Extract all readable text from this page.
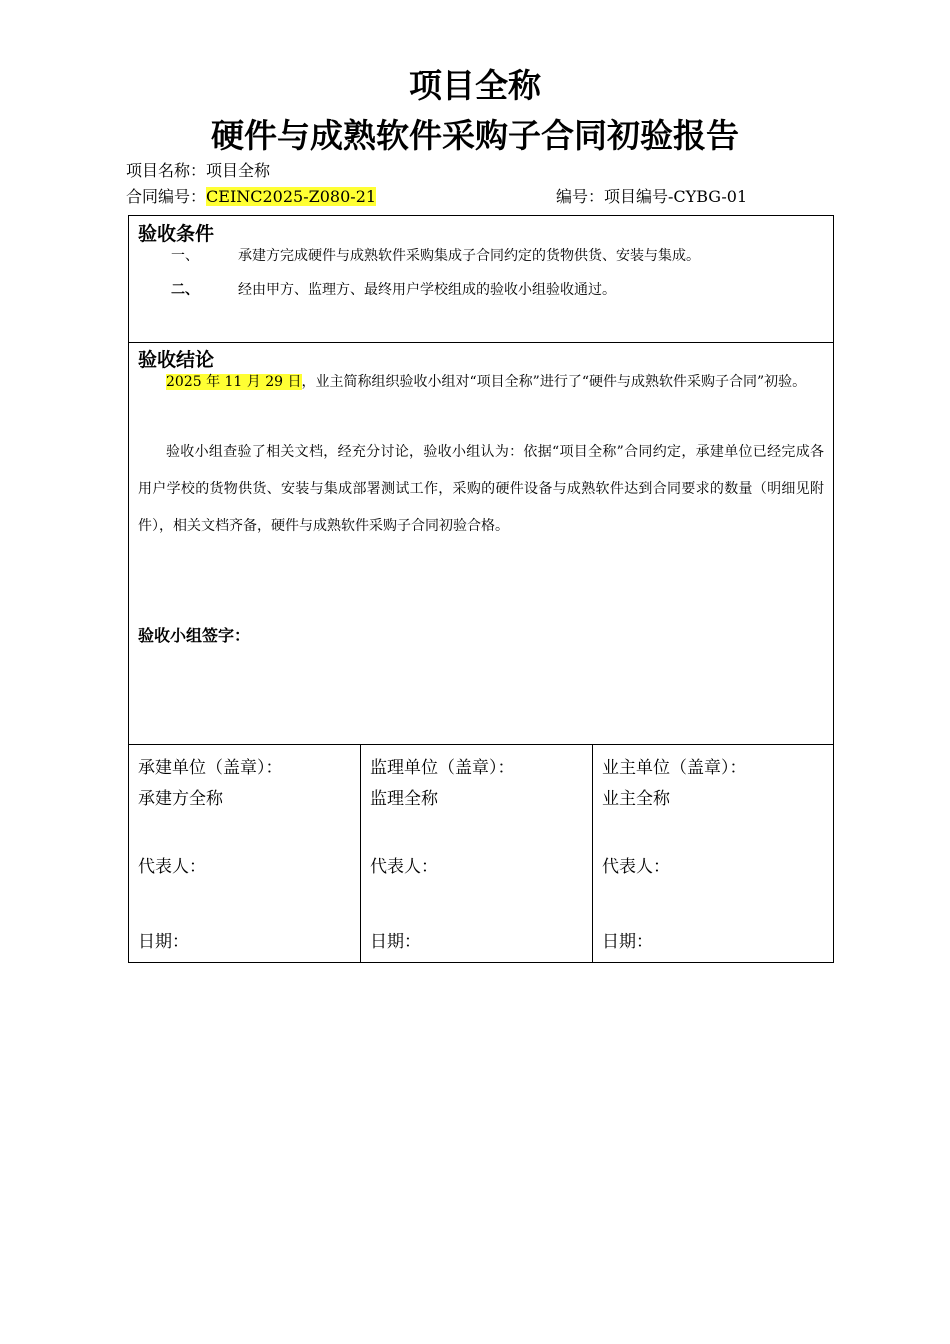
项目全称
硬件与成熟软件采购子合同初验报告
项目名称：项目全称
合同编号：CEINC2025-Z080-21	编号：项目编号-CYBG-01
验收条件
一、	承建方完成硬件与成熟软件采购集成子合同约定的货物供货、安装与集成。
二、	经由甲方、监理方、最终用户学校组成的验收小组验收通过。
验收结论
2025 年 11 月 29 日，业主简称组织验收小组对“项目全称”进行了“硬件与成熟软件采购子合同”初验。
验收小组查验了相关文档，经充分讨论，验收小组认为：依据“项目全称”合同约定，承建单位已经完成各用户学校的货物供货、安装与集成部署测试工作，采购的硬件设备与成熟软件达到合同要求的数量（明细见附件），相关文档齐备，硬件与成熟软件采购子合同初验合格。
验收小组签字：
承建单位（盖章）：
承建方全称
代表人：
日期：
监理单位（盖章）：
监理全称
代表人：
日期：
业主单位（盖章）：
业主全称
代表人：
日期：
